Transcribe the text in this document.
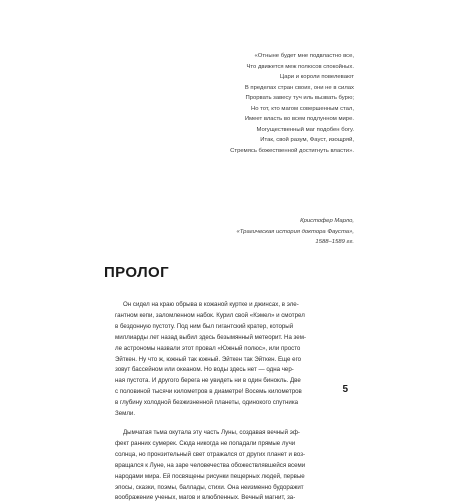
«Отныне будет мне подвластно все,
Что движется меж полюсов спокойных.
Цари и короли повелевают
В пределах стран своих, они не в силах
Прорвать завесу туч иль вызвать бурю;
Но тот, кто магом совершенным стал,
Имеет власть во всем подлунном мире.
Могущественный маг подобен богу.
Итак, свой разум, Фауст, изощряй,
Стремясь божественной достигнуть власти».
Кристофер Марло,
«Трагическая история доктора Фауста»,
1588–1589 гг.
ПРОЛОГ
Он сидел на краю обрыва в кожаной куртке и джинсах, в эле-
гантном кепи, заломленном набок. Курил свой «Кэмел» и смотрел
в бездонную пустоту. Под ним был гигантский кратер, который
миллиарды лет назад выбил здесь безымянный метеорит. На зем-
ле астрономы назвали этот провал «Южный полюс», или просто
Эйткен. Ну что ж, южный так южный. Эйткен так Эйткен. Еще его
зовут бассейном или океаном. Но воды здесь нет — одна чер-
ная пустота. И другого берега не увидеть ни в один бинокль. Две
с половиной тысячи километров в диаметре! Восемь километров
в глубину холодной безжизненной планеты, одинокого спутника
Земли.
Дымчатая тьма окутала эту часть Луны, создавая вечный эф-
фект ранних сумерек. Сюда никогда не попадали прямые лучи
солнца, но пронзительный свет отражался от других планет и воз-
вращался к Луне, на заре человечества обожествлявшейся всеми
народами мира. Ей посвящены рисунки пещерных людей, первые
эпосы, сказки, поэмы, баллады, стихи. Она неизменно будоражит
воображение ученых, магов и влюбленных. Вечный магнит, за-
5
